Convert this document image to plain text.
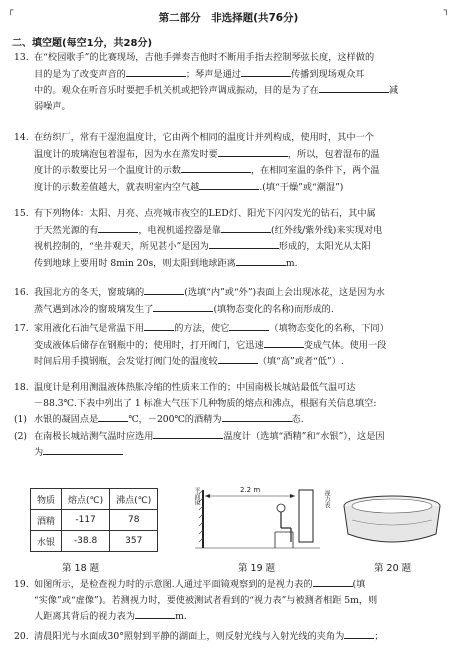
┌	┐
第二部分　非选择题(共76分)
二、填空题(每空1分，共28分)
13. 在“校园歌手”的比赛现场，吉他手弹奏吉他时不断用手指去控制琴弦长度，这样做的
目的是为了改变声音的	；琴声是通过	传播到现场观众耳
中的。观众在听音乐时要把手机关机或把铃声调成振动，目的是为了在	减
弱噪声。
14. 在纺织厂，常有干湿泡温度计，它由两个相同的温度计并列构成，使用时，其中一个
温度计的玻璃泡包着湿布，因为水在蒸发时要	，所以，包着湿布的温
度计的示数要比另一个温度计的示数	，在相同室温的条件下，两个温
度计的示数差值越大，就表明室内空气越	.(填“干燥”或“潮湿”)
15. 有下列物体：太阳、月亮、点亮城市夜空的LED灯、阳光下闪闪发光的钻石，其中属
于天然光源的有	，电视机遥控器是靠	(红外线/紫外线)来实现对电
视机控制的，“坐井观天，所见甚小”是因为	形成的，太阳光从太阳
传到地球上要用时 8min 20s，则太阳到地球距离	m.
16. 我国北方的冬天，窗玻璃的	(选填“内”或“外”)表面上会出现冰花，这是因为水
蒸气遇到冰冷的窗玻璃发生了	(填物态变化的名称)而形成的.
17. 家用液化石油气是常温下用	的方法，使它	（填物态变化的名称，下同）
变成液体后储存在钢瓶中的；使用时，打开阀门，它迅速	变成气体。使用一段
时间后用手摸钢瓶，会发觉打阀门处的温度较	（填“高”或者“低”）.
18. 温度计是利用测温液体热胀冷缩的性质来工作的；中国南极长城站最低气温可达
－88.3℃.下表中列出了 1 标准大气压下几种物质的熔点和沸点，根据有关信息填空:
(1) 水银的凝固点是	℃，－200℃的酒精为	态.
(2) 在南极长城站测气温时应选用	温度计（选填“酒精”和“水银”），这是因
为
物质	熔点(℃)	沸点(℃)
酒精	-117	78
水银	-38.8	357
平面镜	2.2 m	视力表
第 18 题	第 19 题	第 20 题
19. 如图所示，是检查视力时的示意图.人通过平面镜观察到的是视力表的	(填
“实像”或“虚像”)。若测视力时，要使被测试者看到的“视力表”与被测者相距 5m，则
人距离其背后的视力表为	m.
20. 清晨阳光与水面成30°照射到平静的湖面上，则反射光线与入射光线的夹角为	；
